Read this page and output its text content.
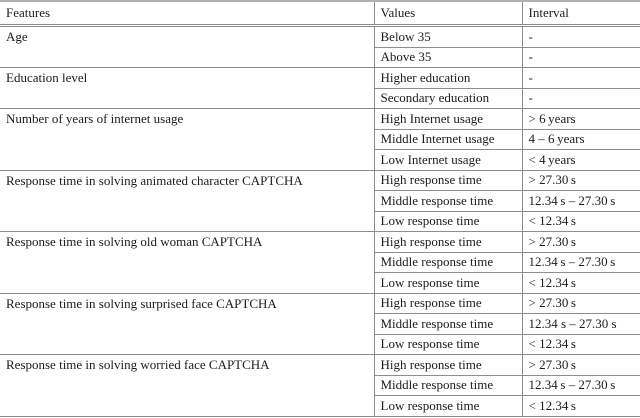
Features	Values	Interval
Age	Below 35	-
	Above 35	-
Education level	Higher education	-
	Secondary education	-
Number of years of internet usage	High Internet usage	> 6 years
	Middle Internet usage	4 – 6 years
	Low Internet usage	< 4 years
Response time in solving animated character CAPTCHA	High response time	> 27.30 s
	Middle response time	12.34 s – 27.30 s
	Low response time	< 12.34 s
Response time in solving old woman CAPTCHA	High response time	> 27.30 s
	Middle response time	12.34 s – 27.30 s
	Low response time	< 12.34 s
Response time in solving surprised face CAPTCHA	High response time	> 27.30 s
	Middle response time	12.34 s – 27.30 s
	Low response time	< 12.34 s
Response time in solving worried face CAPTCHA	High response time	> 27.30 s
	Middle response time	12.34 s – 27.30 s
	Low response time	< 12.34 s
